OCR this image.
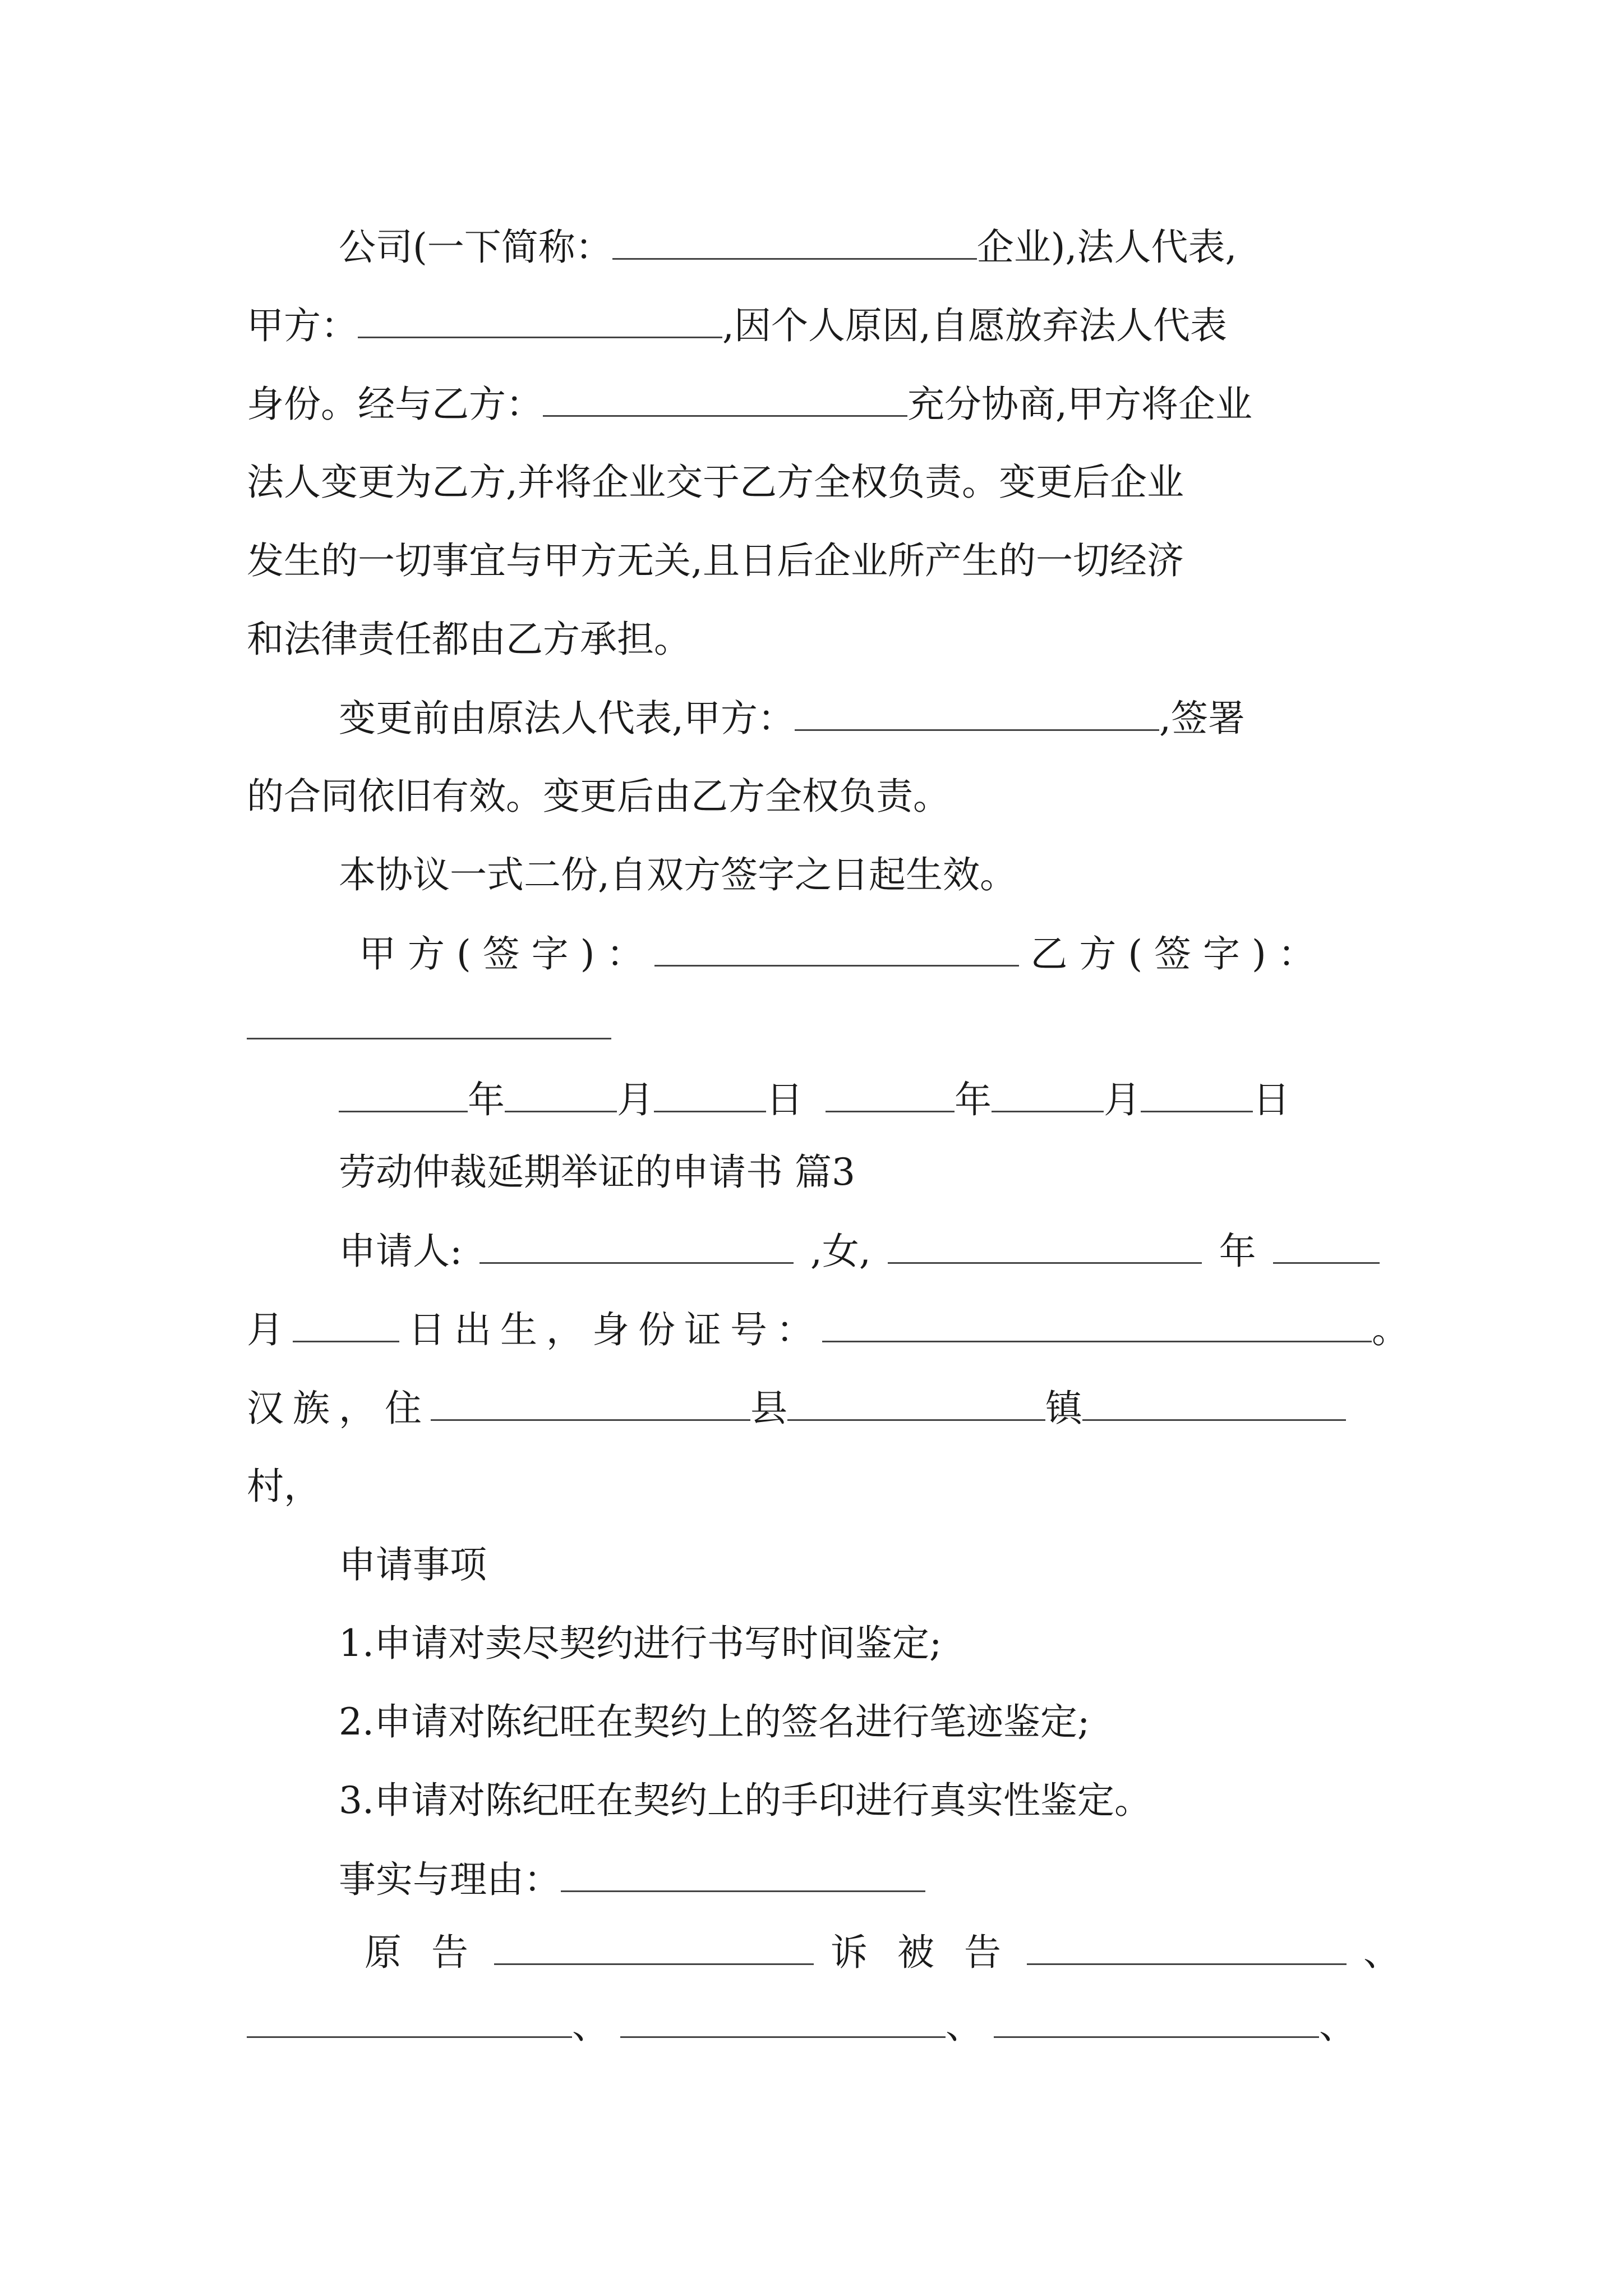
公司(一下简称：	企业),法人代表,
甲方：	,因个人原因,自愿放弃法人代表
身份。经与乙方：	充分协商,甲方将企业
法人变更为乙方,并将企业交于乙方全权负责。变更后企业
发生的一切事宜与甲方无关,且日后企业所产生的一切经济
和法律责任都由乙方承担。
变更前由原法人代表,甲方：	,签署
的合同依旧有效。变更后由乙方全权负责。
本协议一式二份,自双方签字之日起生效。
甲 方 ( 签 字 ) ：	乙 方 ( 签 字 ) ：
年	月	日	年	月	日
劳动仲裁延期举证的申请书 篇3
申请人:	,女,	年
月	日出生，身份证号：	。
汉族，住	县	镇
村，
申请事项
1.申请对卖尽契约进行书写时间鉴定;
2.申请对陈纪旺在契约上的签名进行笔迹鉴定;
3.申请对陈纪旺在契约上的手印进行真实性鉴定。
事实与理由：
原 告	诉 被 告	、
、	、	、
